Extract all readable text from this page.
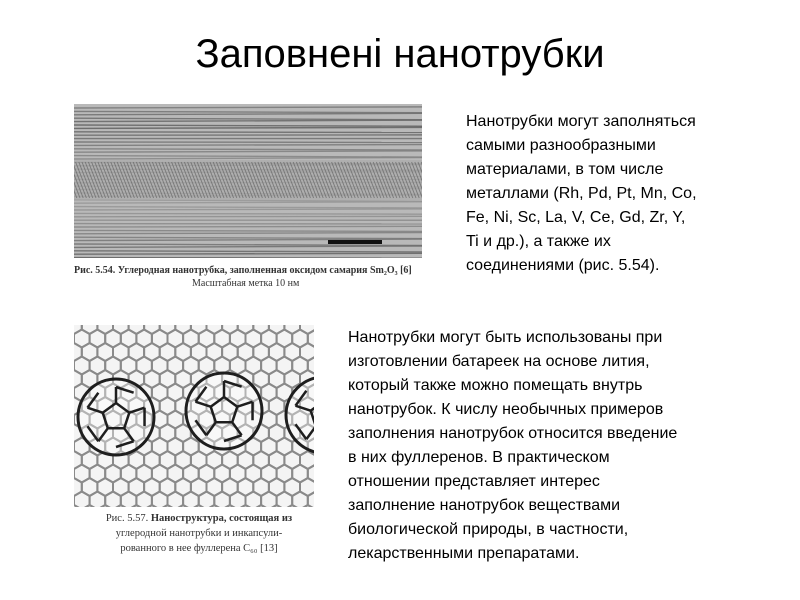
Заповнені нанотрубки
Рис. 5.54. Углеродная нанотрубка, заполненная оксидом самария Sm₂O₃ [6]
Масштабная метка 10 нм
Нанотрубки могут заполняться
самыми разнообразными
материалами, в том числе
металлами (Rh, Pd, Pt, Mn, Co,
Fe, Ni, Sc, La, V, Ce, Gd, Zr, Y,
Ti и др.), а также их
соединениями (рис. 5.54).
Рис. 5.57. Наноструктура, состоящая из
углеродной нанотрубки и инкапсули-
рованного в нее фуллерена C₆₀ [13]
Нанотрубки могут быть использованы при
изготовлении батареек на основе лития,
который также можно помещать внутрь
нанотрубок. К числу необычных примеров
заполнения нанотрубок относится введение
в них фуллеренов. В практическом
отношении представляет интерес
заполнение нанотрубок веществами
биологической природы, в частности,
лекарственными препаратами.
